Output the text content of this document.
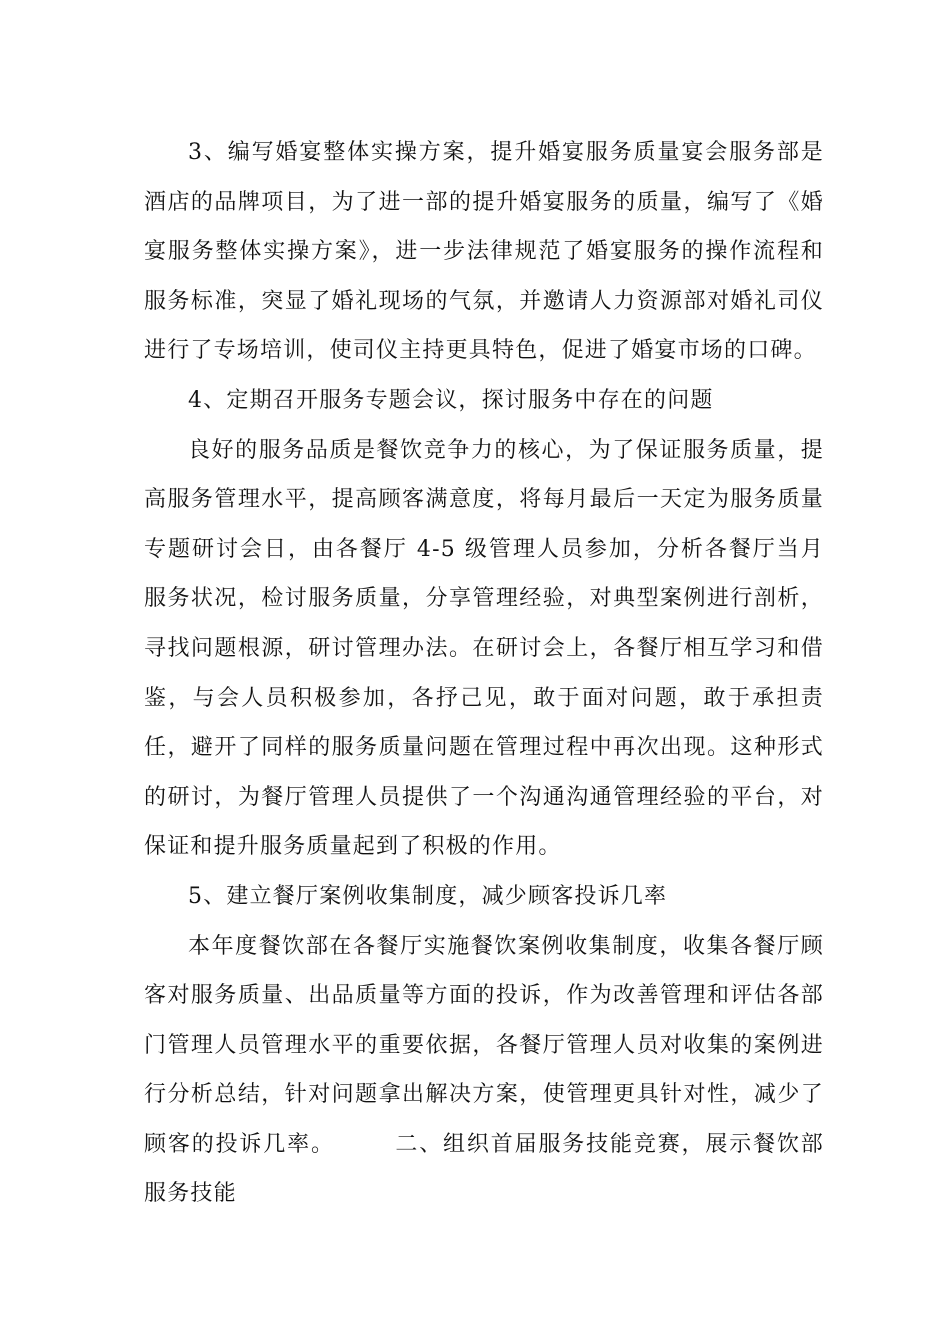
3、编写婚宴整体实操方案，提升婚宴服务质量宴会服务部是酒店的品牌项目，为了进一部的提升婚宴服务的质量，编写了《婚宴服务整体实操方案》，进一步法律规范了婚宴服务的操作流程和服务标准，突显了婚礼现场的气氛，并邀请人力资源部对婚礼司仪进行了专场培训，使司仪主持更具特色，促进了婚宴市场的口碑。

4、定期召开服务专题会议，探讨服务中存在的问题

良好的服务品质是餐饮竞争力的核心，为了保证服务质量，提高服务管理水平，提高顾客满意度，将每月最后一天定为服务质量专题研讨会日，由各餐厅 4-5 级管理人员参加，分析各餐厅当月服务状况，检讨服务质量，分享管理经验，对典型案例进行剖析，寻找问题根源，研讨管理办法。在研讨会上，各餐厅相互学习和借鉴，与会人员积极参加，各抒己见，敢于面对问题，敢于承担责任，避开了同样的服务质量问题在管理过程中再次出现。这种形式的研讨，为餐厅管理人员提供了一个沟通沟通管理经验的平台，对保证和提升服务质量起到了积极的作用。

5、建立餐厅案例收集制度，减少顾客投诉几率

本年度餐饮部在各餐厅实施餐饮案例收集制度，收集各餐厅顾客对服务质量、出品质量等方面的投诉，作为改善管理和评估各部门管理人员管理水平的重要依据，各餐厅管理人员对收集的案例进行分析总结，针对问题拿出解决方案，使管理更具针对性，减少了顾客的投诉几率。　　　二、组织首届服务技能竞赛，展示餐饮部服务技能
